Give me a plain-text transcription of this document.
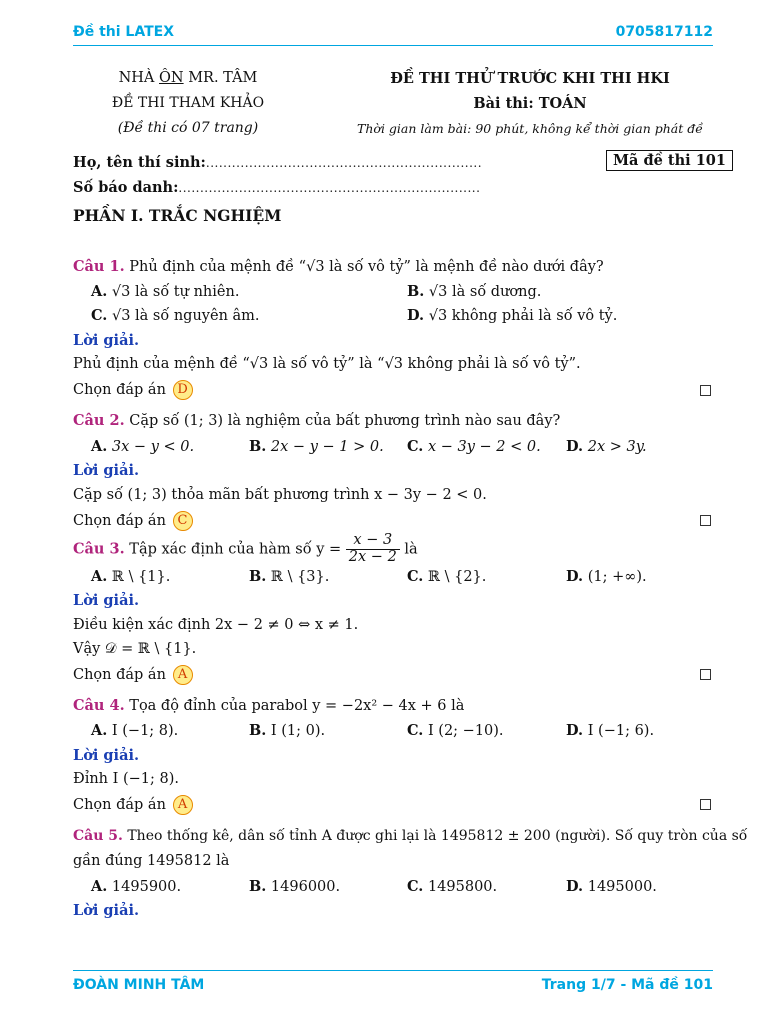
Đề thi LATEX	0705817112
NHÀ ÔN MR. TÂM
ĐỀ THI THAM KHẢO
(Đề thi có 07 trang)
ĐỀ THI THỬ TRƯỚC KHI THI HKI
Bài thi: TOÁN
Thời gian làm bài: 90 phút, không kể thời gian phát đề
Họ, tên thí sinh:................................................................	Mã đề thi 101
Số báo danh:......................................................................
PHẦN I. TRẮC NGHIỆM
Câu 1. Phủ định của mệnh đề “√3 là số vô tỷ” là mệnh đề nào dưới đây?
A. √3 là số tự nhiên.	B. √3 là số dương.
C. √3 là số nguyên âm.	D. √3 không phải là số vô tỷ.
Lời giải.
Phủ định của mệnh đề “√3 là số vô tỷ” là “√3 không phải là số vô tỷ”.
Chọn đáp án D
Câu 2. Cặp số (1; 3) là nghiệm của bất phương trình nào sau đây?
A. 3x − y < 0.	B. 2x − y − 1 > 0. C. x − 3y − 2 < 0. D. 2x > 3y.
Lời giải.
Cặp số (1; 3) thỏa mãn bất phương trình x − 3y − 2 < 0.
Chọn đáp án C
Câu 3. Tập xác định của hàm số $y = \frac{x - 3}{2x - 2}$ là
A. ℝ \ {1}.	B. ℝ \ {3}.	C. ℝ \ {2}.	D. (1; +∞).
Lời giải.
Điều kiện xác định 2x − 2 ≠ 0 ⇔ x ≠ 1.
Vậy 𝒟 = ℝ \ {1}.
Chọn đáp án A
Câu 4. Tọa độ đỉnh của parabol y = −2x² − 4x + 6 là
A. I (−1; 8).	B. I (1; 0).	C. I (2; −10).	D. I (−1; 6).
Lời giải.
Đỉnh I (−1; 8).
Chọn đáp án A
Câu 5. Theo thống kê, dân số tỉnh A được ghi lại là 1495812 ± 200 (người). Số quy tròn của số
gần đúng 1495812 là
A. 1495900.	B. 1496000.	C. 1495800.	D. 1495000.
Lời giải.
ĐOÀN MINH TÂM	Trang 1/7 - Mã đề 101
